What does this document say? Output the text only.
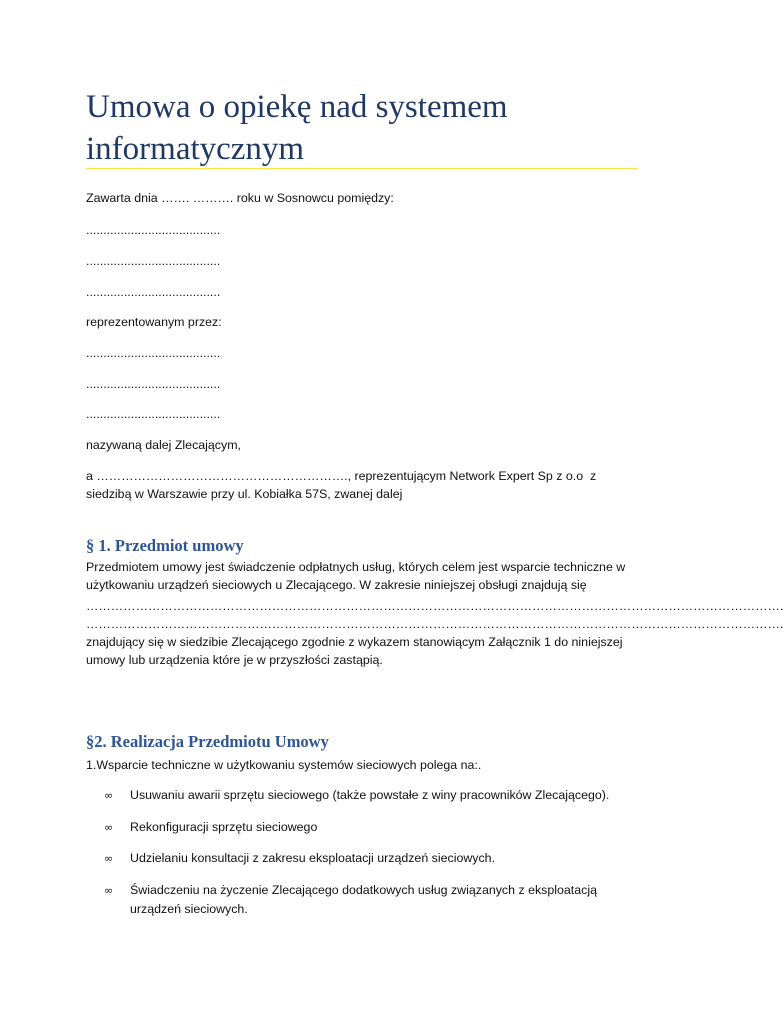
Umowa o opiekę nad systemem informatycznym

Zawarta dnia ……. ………. roku w Sosnowcu pomiędzy:

.......................................

.......................................

.......................................

reprezentowanym przez:

.......................................

.......................................

.......................................

nazywaną dalej Zlecającym,

a ……………………………………………………., reprezentującym Network Expert Sp z o.o  z siedzibą w Warszawie przy ul. Kobiałka 57S, zwanej dalej

§ 1. Przedmiot umowy

Przedmiotem umowy jest świadczenie odpłatnych usług, których celem jest wsparcie techniczne w użytkowaniu urządzeń sieciowych u Zlecającego. W zakresie niniejszej obsługi znajdują się

…………………………………………………………………………………………………………………………………………………….

…………………………………………………………………………………………………………………………………………………….

znajdujący się w siedzibie Zlecającego zgodnie z wykazem stanowiącym Załącznik 1 do niniejszej umowy lub urządzenia które je w przyszłości zastąpią.

§2. Realizacja Przedmiotu Umowy

1.Wsparcie techniczne w użytkowaniu systemów sieciowych polega na:.

∞ Usuwaniu awarii sprzętu sieciowego (także powstałe z winy pracowników Zlecającego).
∞ Rekonfiguracji sprzętu sieciowego
∞ Udzielaniu konsultacji z zakresu eksploatacji urządzeń sieciowych.
∞ Świadczeniu na życzenie Zlecającego dodatkowych usług związanych z eksploatacją urządzeń sieciowych.
